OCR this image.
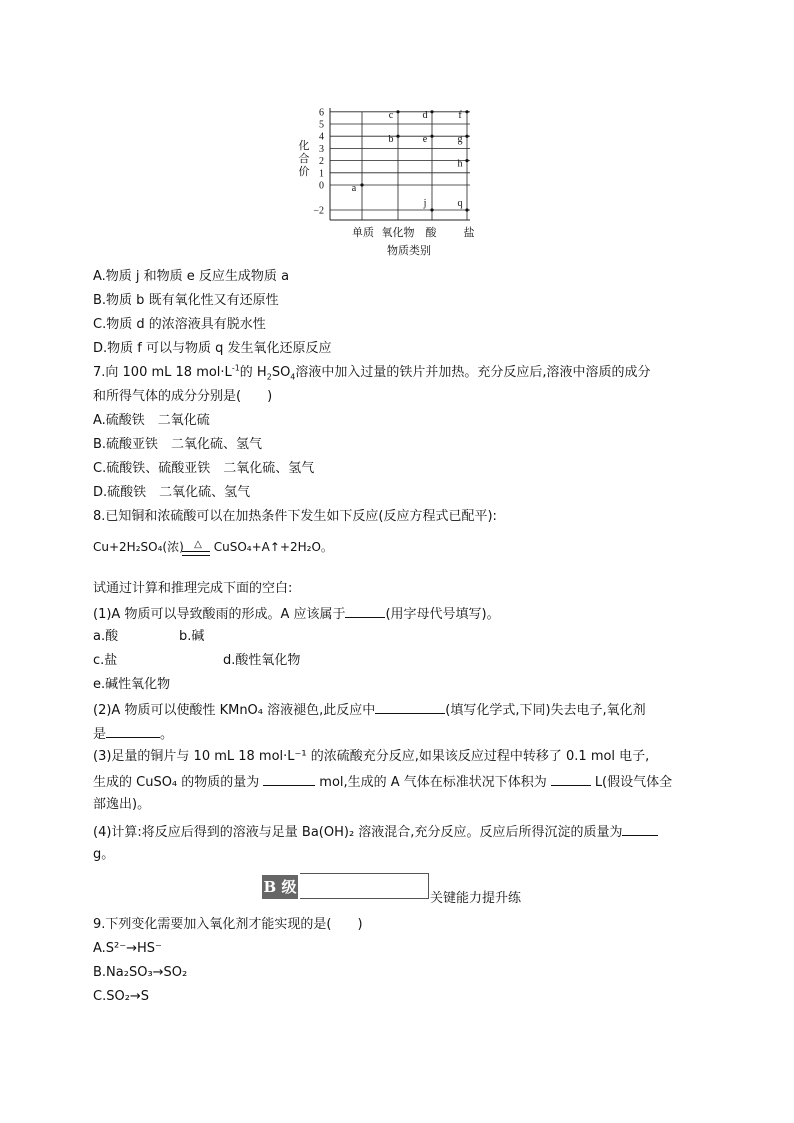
6
5
4
3
2
1
0
−2
单质 氧化物 酸 盐
物质类别
化
合
价
a
b
c	d
e
f
g
h
j	q
A.物质 j 和物质 e 反应生成物质 a
B.物质 b 既有氧化性又有还原性
C.物质 d 的浓溶液具有脱水性
D.物质 f 可以与物质 q 发生氧化还原反应
7.向 100 mL 18 $mol\cdot L^{-1}$的 $H_2SO_4$溶液中加入过量的铁片并加热。充分反应后,溶液中溶质的成分
和所得气体的成分分别是(　　)
A.硫酸铁　二氧化硫
B.硫酸亚铁　二氧化硫、氢气
C.硫酸铁、硫酸亚铁　二氧化硫、氢气
D.硫酸铁　二氧化硫、氢气
8.已知铜和浓硫酸可以在加热条件下发生如下反应(反应方程式已配平):
Cu+2H₂SO₄(浓)	CuSO₄+A↑+2H₂O。
△
试通过计算和推理完成下面的空白:
(1)A 物质可以导致酸雨的形成。A 应该属于	(用字母代号填写)。
a.酸	b.碱
c.盐	d.酸性氧化物
e.碱性氧化物
(2)A 物质可以使酸性 KMnO₄ 溶液褪色,此反应中	(填写化学式,下同)失去电子,氧化剂
是	。
(3)足量的铜片与 10 mL 18 mol·L⁻¹ 的浓硫酸充分反应,如果该反应过程中转移了 0.1 mol 电子,
生成的 CuSO₄ 的物质的量为	mol,生成的 A 气体在标准状况下体积为	L(假设气体全
部逸出)。
(4)计算:将反应后得到的溶液与足量 Ba(OH)₂ 溶液混合,充分反应。反应后所得沉淀的质量为
g。
B 级
关键能力提升练
9.下列变化需要加入氧化剂才能实现的是(　　)
A.S²⁻→HS⁻
B.Na₂SO₃→SO₂
C.SO₂→S
